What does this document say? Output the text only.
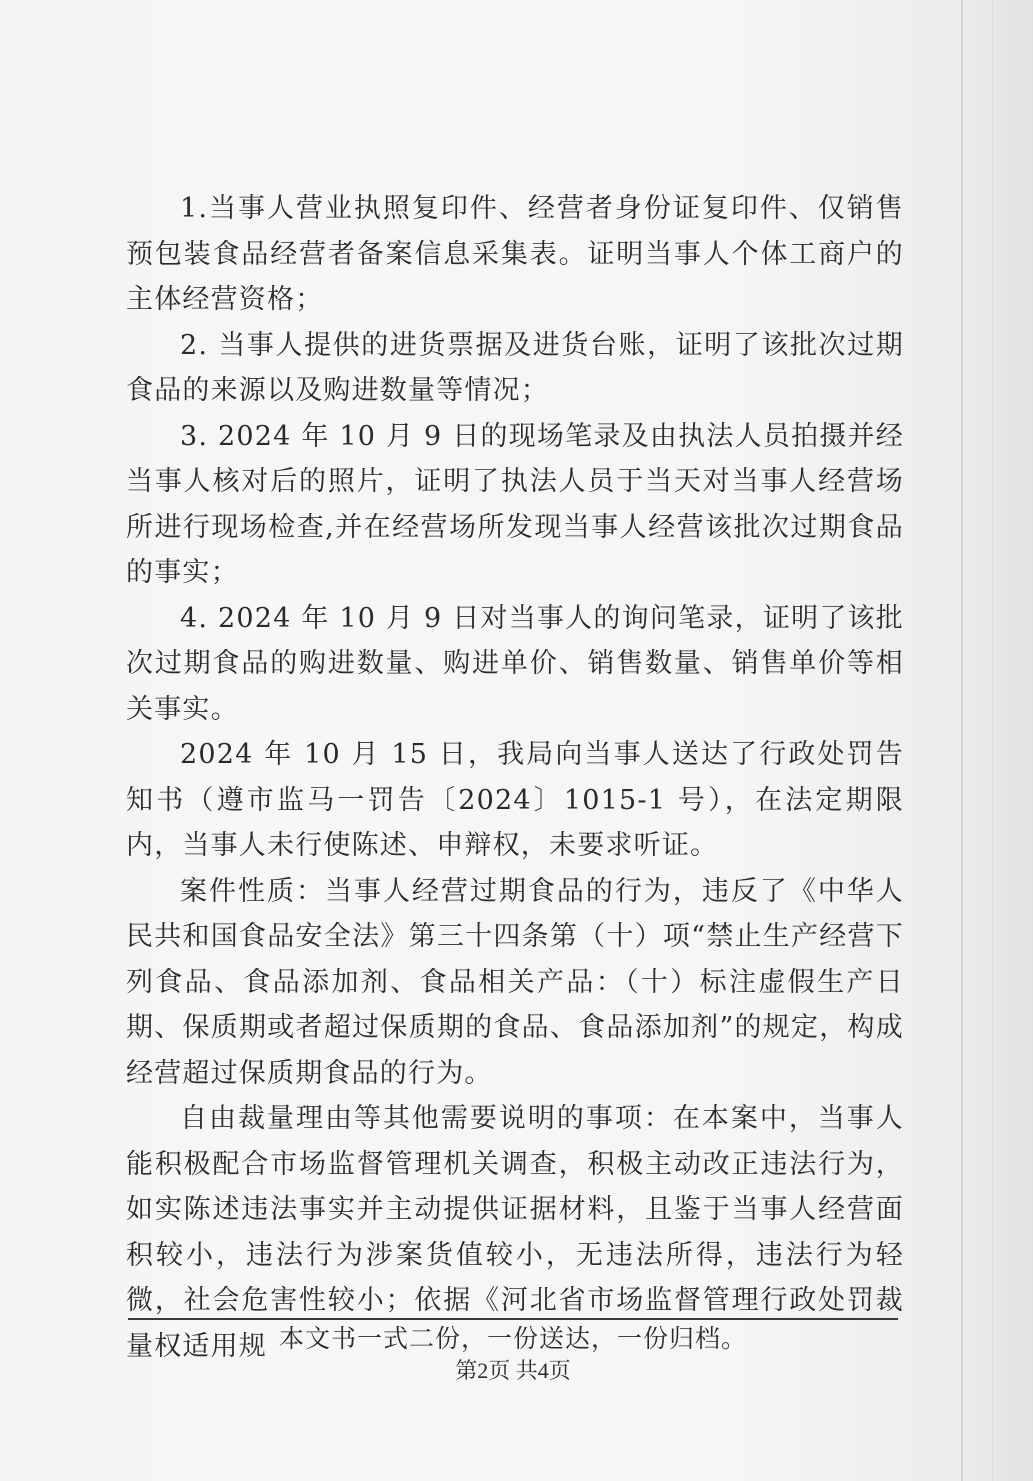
1.当事人营业执照复印件、经营者身份证复印件、仅销售预包装食品经营者备案信息采集表。证明当事人个体工商户的主体经营资格；

2. 当事人提供的进货票据及进货台账，证明了该批次过期食品的来源以及购进数量等情况；

3. 2024 年 10 月 9 日的现场笔录及由执法人员拍摄并经当事人核对后的照片，证明了执法人员于当天对当事人经营场所进行现场检查,并在经营场所发现当事人经营该批次过期食品的事实；

4. 2024 年 10 月 9 日对当事人的询问笔录，证明了该批次过期食品的购进数量、购进单价、销售数量、销售单价等相关事实。

2024 年 10 月 15 日，我局向当事人送达了行政处罚告知书（遵市监马一罚告〔2024〕1015-1 号），在法定期限内，当事人未行使陈述、申辩权，未要求听证。

案件性质：当事人经营过期食品的行为，违反了《中华人民共和国食品安全法》第三十四条第（十）项“禁止生产经营下列食品、食品添加剂、食品相关产品：（十）标注虚假生产日期、保质期或者超过保质期的食品、食品添加剂”的规定，构成经营超过保质期食品的行为。

自由裁量理由等其他需要说明的事项：在本案中，当事人能积极配合市场监督管理机关调查，积极主动改正违法行为，如实陈述违法事实并主动提供证据材料，且鉴于当事人经营面积较小，违法行为涉案货值较小，无违法所得，违法行为轻微，社会危害性较小；依据《河北省市场监督管理行政处罚裁量权适用规 本文书一式二份，一份送达，一份归档。
第2页 共4页
